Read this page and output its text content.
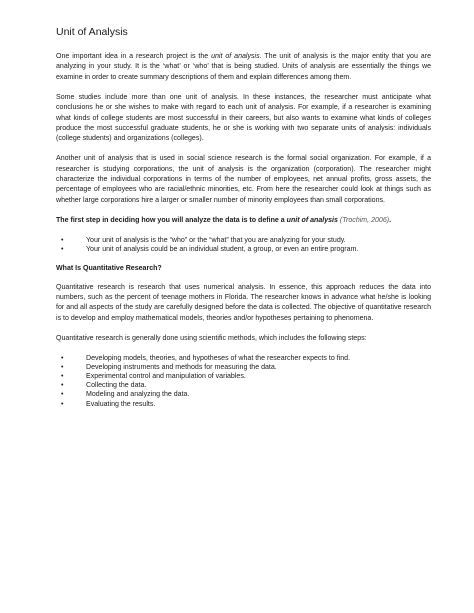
Unit of Analysis

One important idea in a research project is the unit of analysis. The unit of analysis is the major entity that you are analyzing in your study. It is the ‘what’ or ‘who’ that is being studied. Units of analysis are essentially the things we examine in order to create summary descriptions of them and explain differences among them.

Some studies include more than one unit of analysis. In these instances, the researcher must anticipate what conclusions he or she wishes to make with regard to each unit of analysis. For example, if a researcher is examining what kinds of college students are most successful in their careers, but also wants to examine what kinds of colleges produce the most successful graduate students, he or she is working with two separate units of analysis: individuals (college students) and organizations (colleges).

Another unit of analysis that is used in social science research is the formal social organization. For example, if a researcher is studying corporations, the unit of analysis is the organization (corporation). The researcher might characterize the individual corporations in terms of the number of employees, net annual profits, gross assets, the percentage of employees who are racial/ethnic minorities, etc. From here the researcher could look at things such as whether large corporations hire a larger or smaller number of minority employees than small corporations.

The first step in deciding how you will analyze the data is to define a unit of analysis (Trochim, 2006).

•	Your unit of analysis is the “who” or the “what” that you are analyzing for your study.
•	Your unit of analysis could be an individual student, a group, or even an entire program.
What Is Quantitative Research?

Quantitative research is research that uses numerical analysis. In essence, this approach reduces the data into numbers, such as the percent of teenage mothers in Florida. The researcher knows in advance what he/she is looking for and all aspects of the study are carefully designed before the data is collected. The objective of quantitative research is to develop and employ mathematical models, theories and/or hypotheses pertaining to phenomena.

Quantitative research is generally done using scientific methods, which includes the following steps:

•	Developing models, theories, and hypotheses of what the researcher expects to find.
•	Developing instruments and methods for measuring the data.
•	Experimental control and manipulation of variables.
•	Collecting the data.
•	Modeling and analyzing the data.
•	Evaluating the results.
